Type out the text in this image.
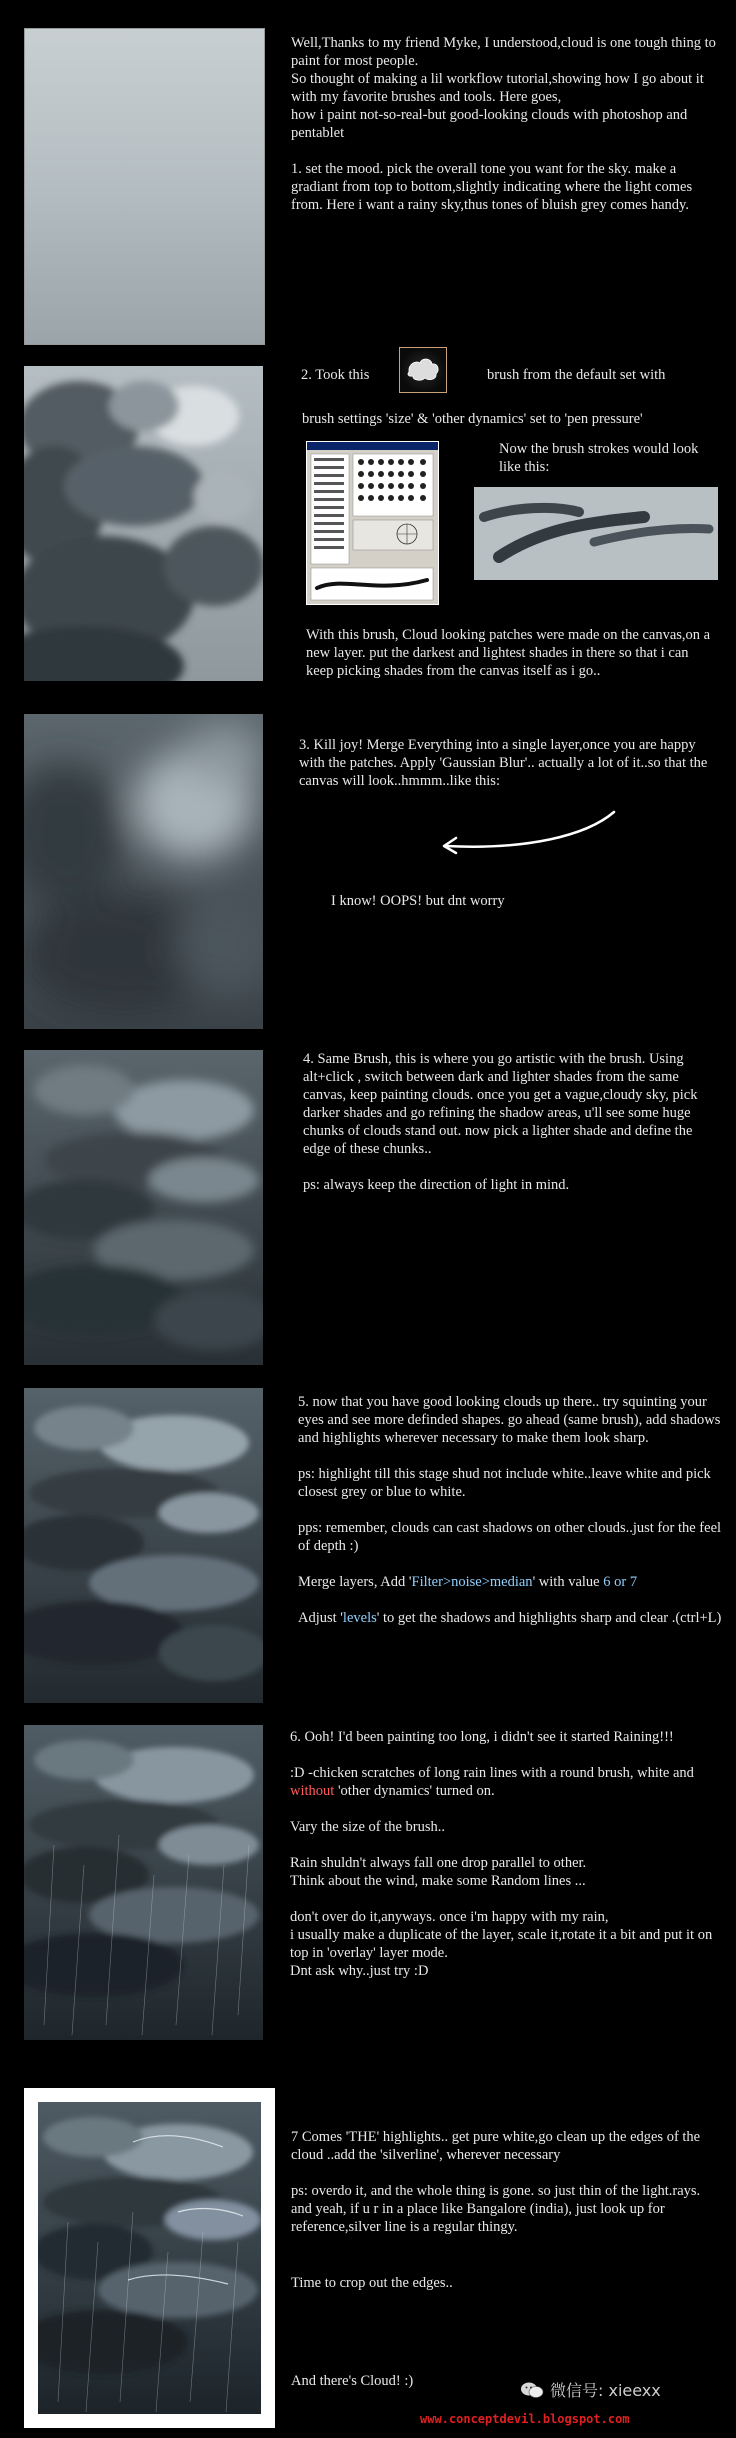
Well,Thanks to my friend Myke, I understood,cloud is one tough thing to paint for most people.
So thought of making a lil workflow tutorial,showing how I go about it with my favorite brushes and tools. Here goes,
how i paint not-so-real-but good-looking clouds with photoshop and pentablet

1. set the mood. pick the overall tone you want for the sky. make a gradiant from top to bottom,slightly indicating where the light comes from. Here i want a rainy sky,thus tones of bluish grey comes handy.

2. Took this	brush from the default set with
brush settings 'size' & 'other dynamics' set to 'pen pressure'
Now the brush strokes would look like this:
With this brush, Cloud looking patches were made on the canvas,on a new layer. put the darkest and lightest shades in there so that i can keep picking shades from the canvas itself as i go..
3. Kill joy! Merge Everything into a single layer,once you are happy with the patches. Apply 'Gaussian Blur'.. actually a lot of it..so that the canvas will look..hmmm..like this:
I know! OOPS! but dnt worry

4. Same Brush, this is where you go artistic with the brush. Using alt+click , switch between dark and lighter shades from the same canvas, keep painting clouds. once you get a vague,cloudy sky, pick darker shades and go refining the shadow areas, u'll see some huge chunks of clouds stand out. now pick a lighter shade and define the edge of these chunks..

ps: always keep the direction of light in mind.

5. now that you have good looking clouds up there.. try squinting your eyes and see more definded shapes. go ahead (same brush), add shadows and highlights wherever necessary to make them look sharp.

ps: highlight till this stage shud not include white..leave white and pick closest grey or blue to white.

pps: remember, clouds can cast shadows on other clouds..just for the feel of depth :)

Merge layers, Add 'Filter>noise>median' with value 6 or 7

Adjust 'levels' to get the shadows and highlights sharp and clear .(ctrl+L)

6. Ooh! I'd been painting too long, i didn't see it started Raining!!!

:D -chicken scratches of long rain lines with a round brush, white and without 'other dynamics' turned on.

Vary the size of the brush..

Rain shuldn't always fall one drop parallel to other.
Think about the wind, make some Random lines ...

don't over do it,anyways. once i'm happy with my rain,
i usually make a duplicate of the layer, scale it,rotate it a bit and put it on top in 'overlay' layer mode.
Dnt ask why..just try :D

7 Comes 'THE' highlights.. get pure white,go clean up the edges of the cloud ..add the 'silverline', wherever necessary

ps: overdo it, and the whole thing is gone. so just thin of the light.rays. and yeah, if u r in a place like Bangalore (india), just look up for reference,silver line is a regular thingy.

Time to crop out the edges..

And there's Cloud! :)	微信号: xieexx
www.conceptdevil.blogspot.com
